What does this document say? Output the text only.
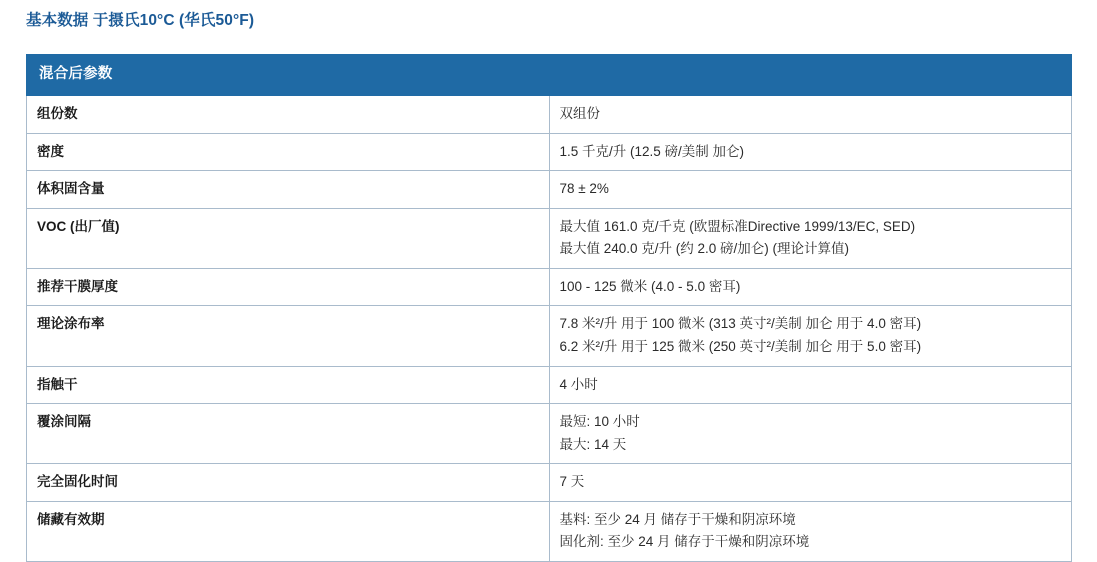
基本数据 于摄氏10°C (华氏50°F)
混合后参数	
组份数	双组份

密度	1.5 千克/升 (12.5 磅/美制 加仑)

体积固含量	78 ± 2%

VOC (出厂值)	最大值 161.0 克/千克 (欧盟标准Directive 1999/13/EC, SED)
最大值 240.0 克/升 (约 2.0 磅/加仑) (理论计算值)

推荐干膜厚度	100 - 125 微米 (4.0 - 5.0 密耳)

理论涂布率	7.8 米²/升 用于 100 微米 (313 英寸²/美制 加仑 用于 4.0 密耳)
6.2 米²/升 用于 125 微米 (250 英寸²/美制 加仑 用于 5.0 密耳)

指触干	4 小时

覆涂间隔	最短: 10 小时
最大: 14 天

完全固化时间	7 天

储藏有效期	基料: 至少 24 月 储存于干燥和阴凉环境
固化剂: 至少 24 月 储存于干燥和阴凉环境
